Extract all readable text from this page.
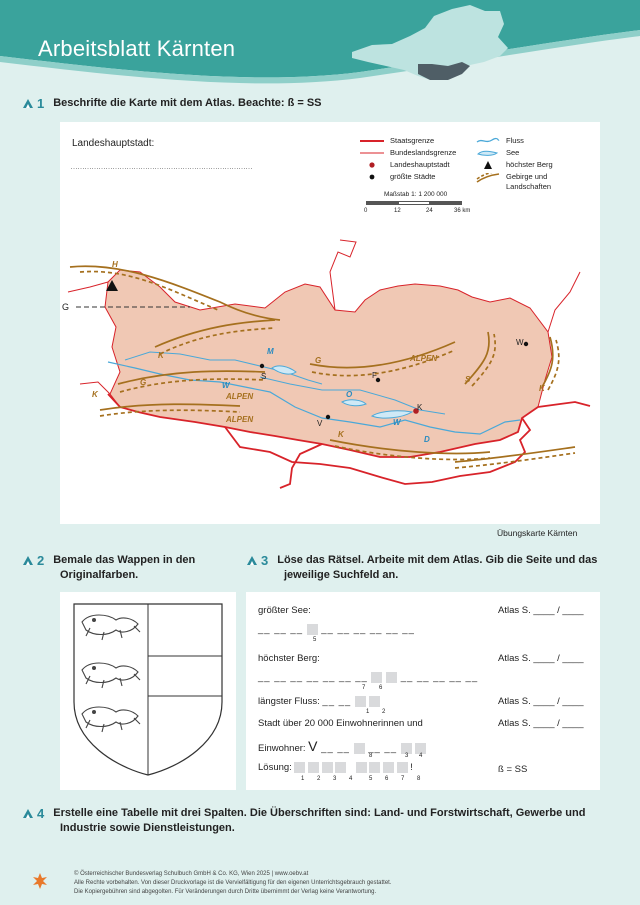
Arbeitsblatt Kärnten
1 Beschrifte die Karte mit dem Atlas. Beachte: ß = SS
Landeshauptstadt:
……………………………………………………………………
Staatsgrenze
Bundeslandsgrenze
Landeshauptstadt
größte Städte
Fluss
See
höchster Berg
Gebirge und
Landschaften
Maßstab 1: 1 200 000
0	12	24	36 km
H
G
K	M
S
W
G
ALPEN
K
ALPEN
G	ALPEN
F
O
S
W
K
K
V	W
D
K
Übungskarte Kärnten
2 Bemale das Wappen in den
Originalfarben.
3 Löse das Rätsel. Arbeite mit dem Atlas. Gib die Seite und das
jeweilige Suchfeld an.
größter See:	Atlas S. ____ / ____
__ __ __  __ __ __ __ __ __
5
höchster Berg:	Atlas S. ____ / ____
__ __ __ __ __ __ __	__ __ __ __ __
7 6
längster Fluss: __ __
1 2
Atlas S. ____ / ____
Stadt über 20 000 Einwohnerinnen und	Atlas S. ____ / ____
Einwohner: V __ __  __ __
8	3 4
Lösung:	!
1 2 3 4	5 6 7 8
ß = SS
4 Erstelle eine Tabelle mit drei Spalten. Die Überschriften sind: Land- und Forstwirtschaft, Gewerbe und
Industrie sowie Dienstleistungen.
© Österreichischer Bundesverlag Schulbuch GmbH & Co. KG, Wien 2025 | www.oebv.at
Alle Rechte vorbehalten. Von dieser Druckvorlage ist die Vervielfältigung für den eigenen Unterrichtsgebrauch gestattet.
Die Kopiergebühren sind abgegolten. Für Veränderungen durch Dritte übernimmt der Verlag keine Verantwortung.
